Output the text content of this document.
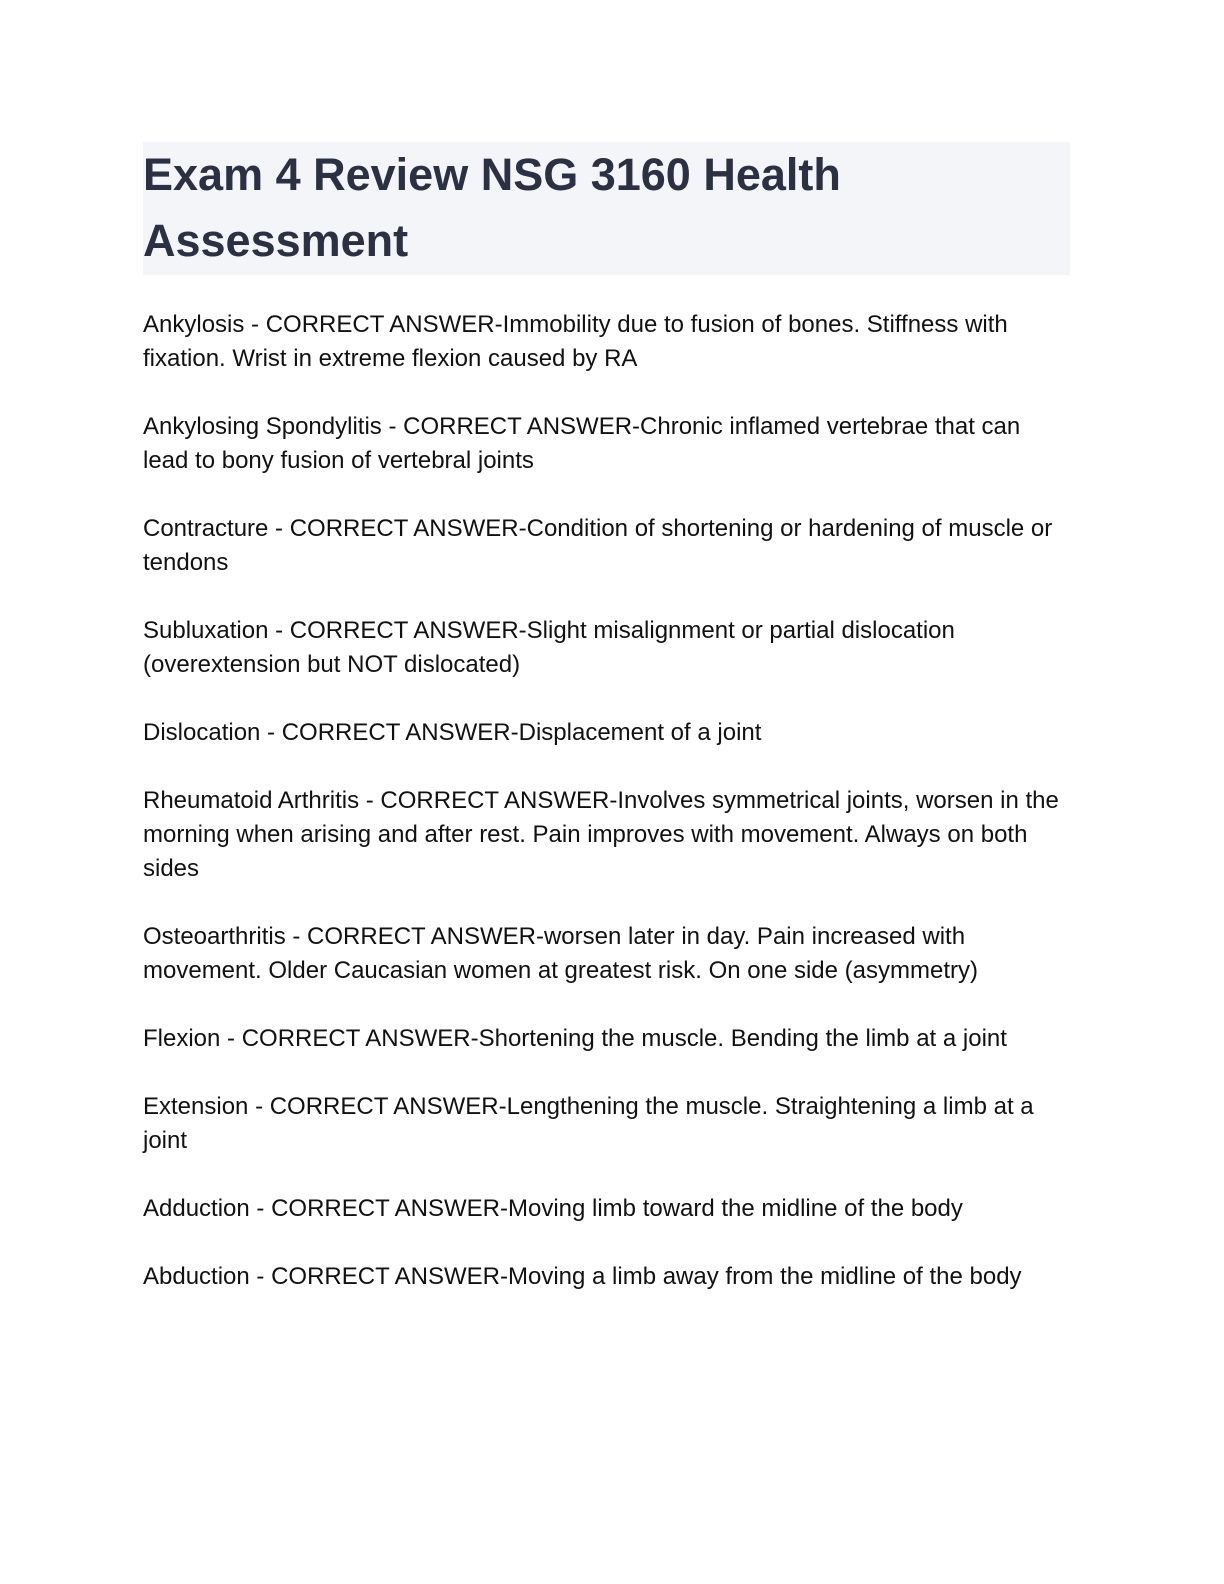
Exam 4 Review NSG 3160 Health Assessment

Ankylosis - CORRECT ANSWER-Immobility due to fusion of bones. Stiffness with fixation. Wrist in extreme flexion caused by RA

Ankylosing Spondylitis - CORRECT ANSWER-Chronic inflamed vertebrae that can lead to bony fusion of vertebral joints

Contracture - CORRECT ANSWER-Condition of shortening or hardening of muscle or tendons

Subluxation - CORRECT ANSWER-Slight misalignment or partial dislocation (overextension but NOT dislocated)

Dislocation - CORRECT ANSWER-Displacement of a joint

Rheumatoid Arthritis - CORRECT ANSWER-Involves symmetrical joints, worsen in the morning when arising and after rest. Pain improves with movement. Always on both sides

Osteoarthritis - CORRECT ANSWER-worsen later in day. Pain increased with movement. Older Caucasian women at greatest risk. On one side (asymmetry)

Flexion - CORRECT ANSWER-Shortening the muscle. Bending the limb at a joint

Extension - CORRECT ANSWER-Lengthening the muscle. Straightening a limb at a joint

Adduction - CORRECT ANSWER-Moving limb toward the midline of the body

Abduction - CORRECT ANSWER-Moving a limb away from the midline of the body
